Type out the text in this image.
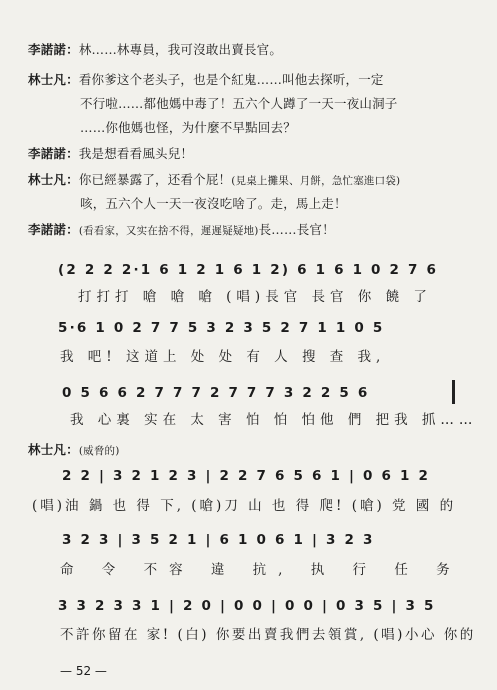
李諾諾：林……林專員，我可沒敢出賣長官。
林士凡：看你爹这个老头子，也是个紅鬼……叫他去探听，一定
不行啦……都他媽中毒了！五六个人蹲了一天一夜山洞子
……你他媽也怪，为什麼不早點回去？
李諾諾：我是想看看風头兒！
林士凡：你已經暴露了，还看个屁！(見桌上攤果、月餅，急忙塞進口袋)
咳，五六个人一天一夜沒吃啥了。走，馬上走！
李諾諾：(看看家，又实在捨不得，遲遲疑疑地)長……長官！
(2 2 2 2·1 6 1 2 1 6 1 2) 6 1 6 1 0 2 7 6
打打打 嗆 嗆 嗆 (唱)長官 長官 你 饒 了
5·6 1 0 2 7 7 5 3 2 3 5 2 7 1 1 0 5
我 吧! 这道上 处 处 有 人 搜 查 我,
0 5 6 6 2 7 7 7 2 7 7 7 3 2 2 5 6
我 心裏 实在 太 害 怕 怕 怕他 們 把我 抓……
林士凡：(威脅的)
2 2 | 3 2 1 2 3 | 2 2 7 6 5 6 1 | 0 6 1 2
(唱)油 鍋 也 得 下, (嗆)刀 山 也 得 爬! (嗆) 党 國 的
3 2 3 | 3 5 2 1 | 6 1 0 6 1 | 3 2 3
命 令 不容 違 抗, 执 行 任 务
3 3 2 3 3 1 | 2 0 | 0 0 | 0 0 | 0 3 5 | 3 5
不許你留在 家! (白) 你要出賣我們去領賞, (唱)小心 你的
— 52 —
